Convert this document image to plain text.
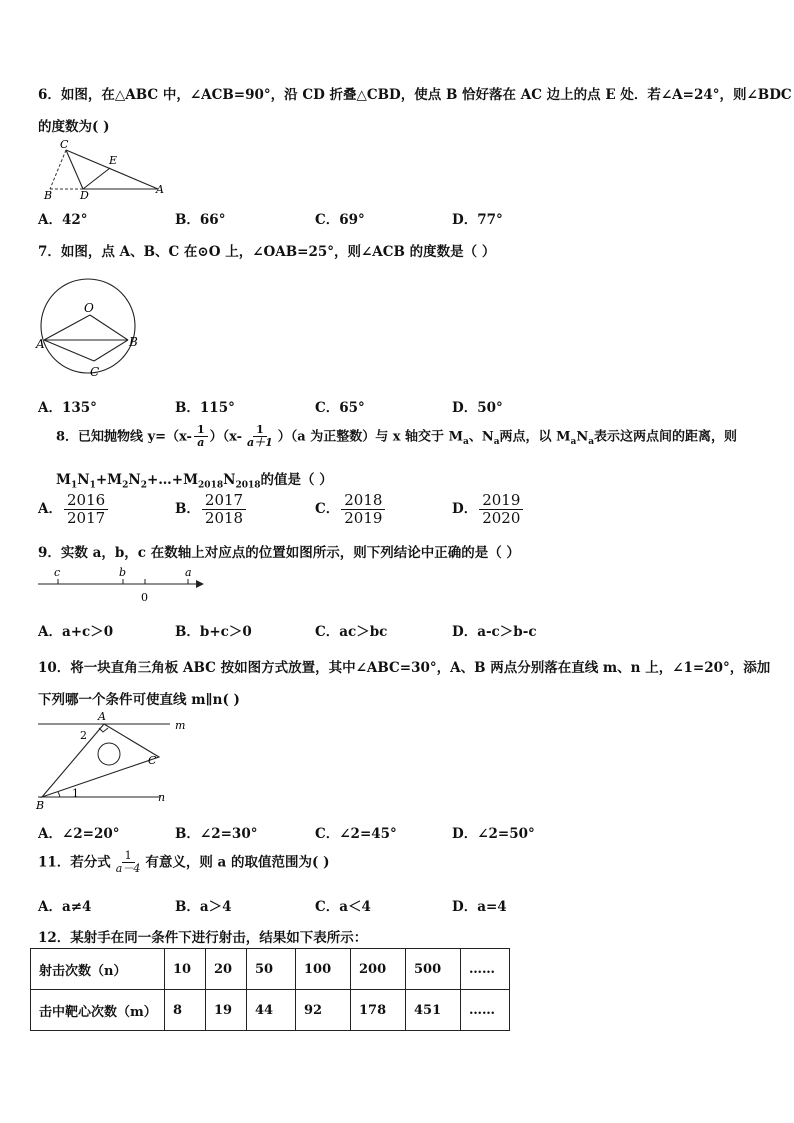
6．如图，在△ABC 中，∠ACB=90°，沿 CD 折叠△CBD，使点 B 恰好落在 AC 边上的点 E 处．若∠A=24°，则∠BDC
的度数为( )
C
E
B	D	A
A．42°	B．66°	C．69°	D．77°
7．如图，点 A、B、C 在⊙O 上，∠OAB=25°，则∠ACB 的度数是（ ）
O
A	B
C
A．135°	B．115°	C．65°	D．50°
8．已知抛物线 $y=(x- \frac{1}{a} )(x- \frac{1}{a+1} )(a$ 为正整数）与 x 轴交于 $M_a$、$N_a$两点，以 $M_aN_a$表示这两点间的距离，则
$M_1N_1+M_2N_2+\dots+M_{2018}N_{2018}$的值是（ ）
A． $\frac{2016}{2017}$	B． $\frac{2017}{2018}$	C． $\frac{2018}{2019}$	D． $\frac{2019}{2020}$
9．实数 a，b，c 在数轴上对应点的位置如图所示，则下列结论中正确的是（ ）
c	b
0
a
A．a+c＞0	B．b+c＞0	C．ac＞bc	D．a-c＞b-c
10．将一块直角三角板 ABC 按如图方式放置，其中∠ABC=30°，A、B 两点分别落在直线 m、n 上，∠1=20°，添加
下列哪一个条件可使直线 m∥n( )
A
m
2
C
B
1	n
A．∠2=20°	B．∠2=30°	C．∠2=45°	D．∠2=50°
11．若分式 $\frac{1}{a-4}$ 有意义，则 a 的取值范围为( )
A．a≠4	B．a＞4	C．a＜4	D．a=4
12．某射手在同一条件下进行射击，结果如下表所示：
射击次数（n）	10	20	50	100	200	500	……
击中靶心次数（m）	8	19	44	92	178	451	……
